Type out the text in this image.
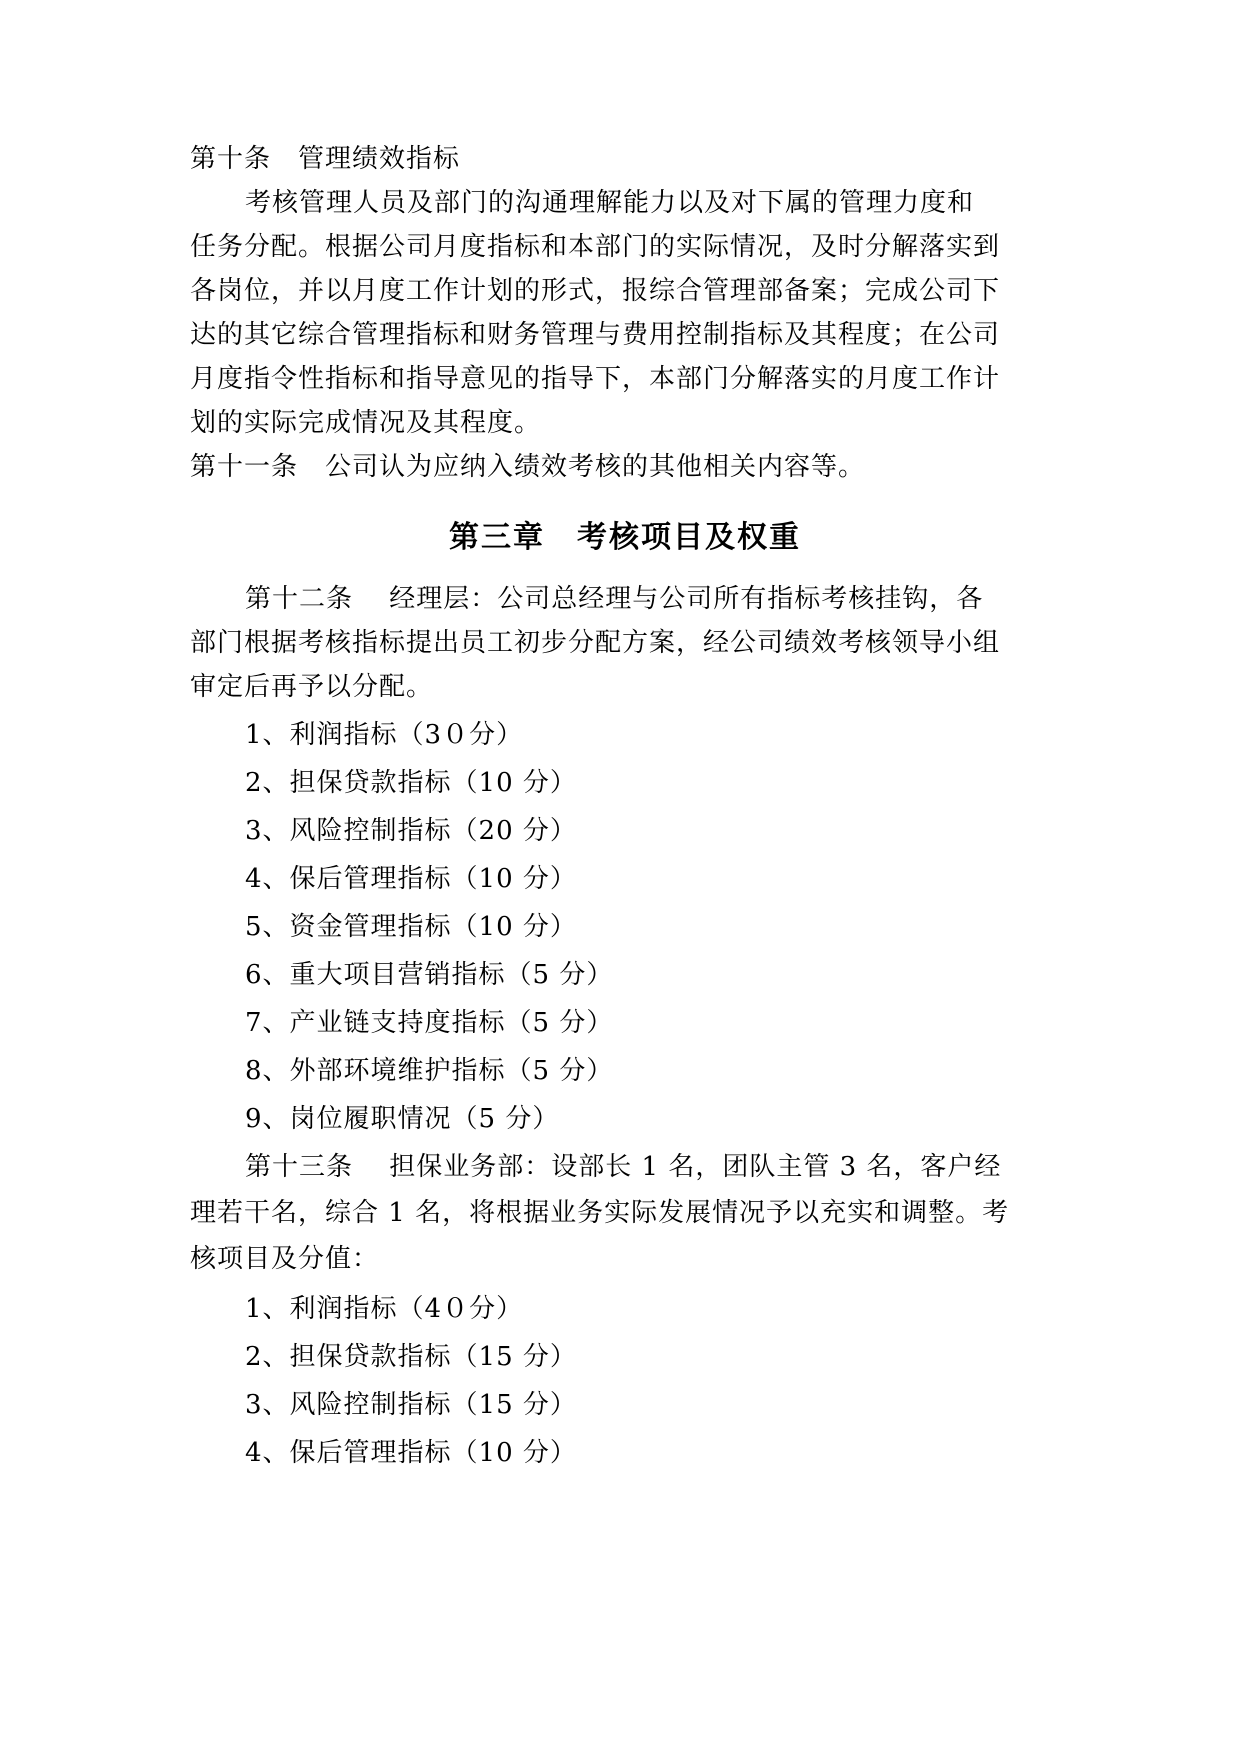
第十条　管理绩效指标
考核管理人员及部门的沟通理解能力以及对下属的管理力度和
任务分配。根据公司月度指标和本部门的实际情况，及时分解落实到
各岗位，并以月度工作计划的形式，报综合管理部备案；完成公司下
达的其它综合管理指标和财务管理与费用控制指标及其程度；在公司
月度指令性指标和指导意见的指导下，本部门分解落实的月度工作计
划的实际完成情况及其程度。
第十一条　公司认为应纳入绩效考核的其他相关内容等。
第三章　考核项目及权重
第十二条　 经理层：公司总经理与公司所有指标考核挂钩，各
部门根据考核指标提出员工初步分配方案，经公司绩效考核领导小组
审定后再予以分配。
1、利润指标（3０分）
2、担保贷款指标（10 分）
3、风险控制指标（20 分）
4、保后管理指标（10 分）
5、资金管理指标（10 分）
6、重大项目营销指标（5 分）
7、产业链支持度指标（5 分）
8、外部环境维护指标（5 分）
9、岗位履职情况（5 分）
第十三条　 担保业务部：设部长 1 名，团队主管 3 名，客户经
理若干名，综合 1 名，将根据业务实际发展情况予以充实和调整。考
核项目及分值：
1、利润指标（4０分）
2、担保贷款指标（15 分）
3、风险控制指标（15 分）
4、保后管理指标（10 分）
